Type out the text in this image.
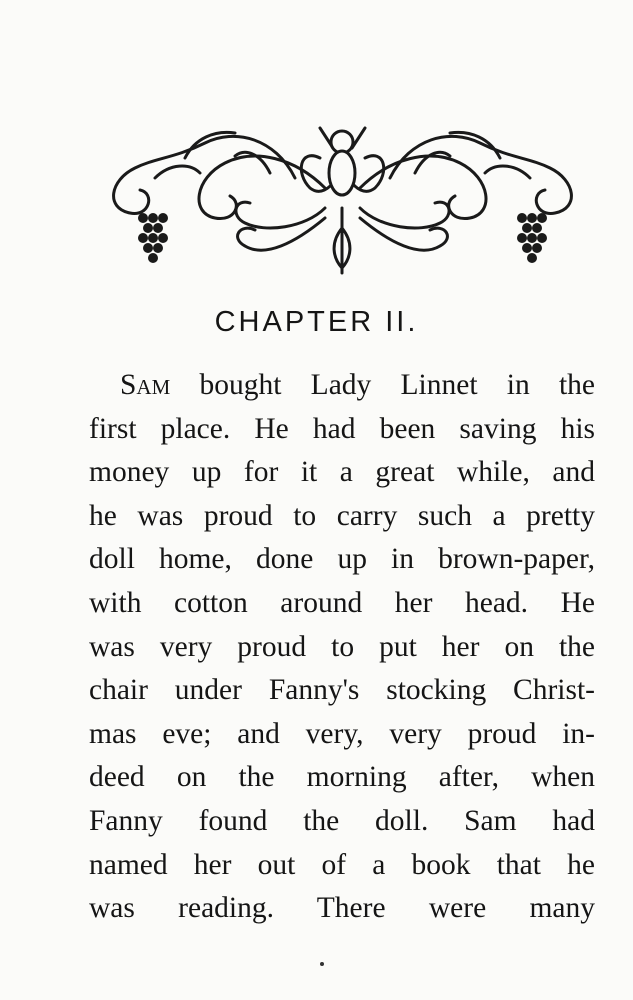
CHAPTER II.
Sam bought Lady Linnet in the
first place. He had been saving his
money up for it a great while, and
he was proud to carry such a pretty
doll home, done up in brown-paper,
with cotton around her head. He
was very proud to put her on the
chair under Fanny's stocking Christ-
mas eve; and very, very proud in-
deed on the morning after, when
Fanny found the doll. Sam had
named her out of a book that he
was reading. There were many
